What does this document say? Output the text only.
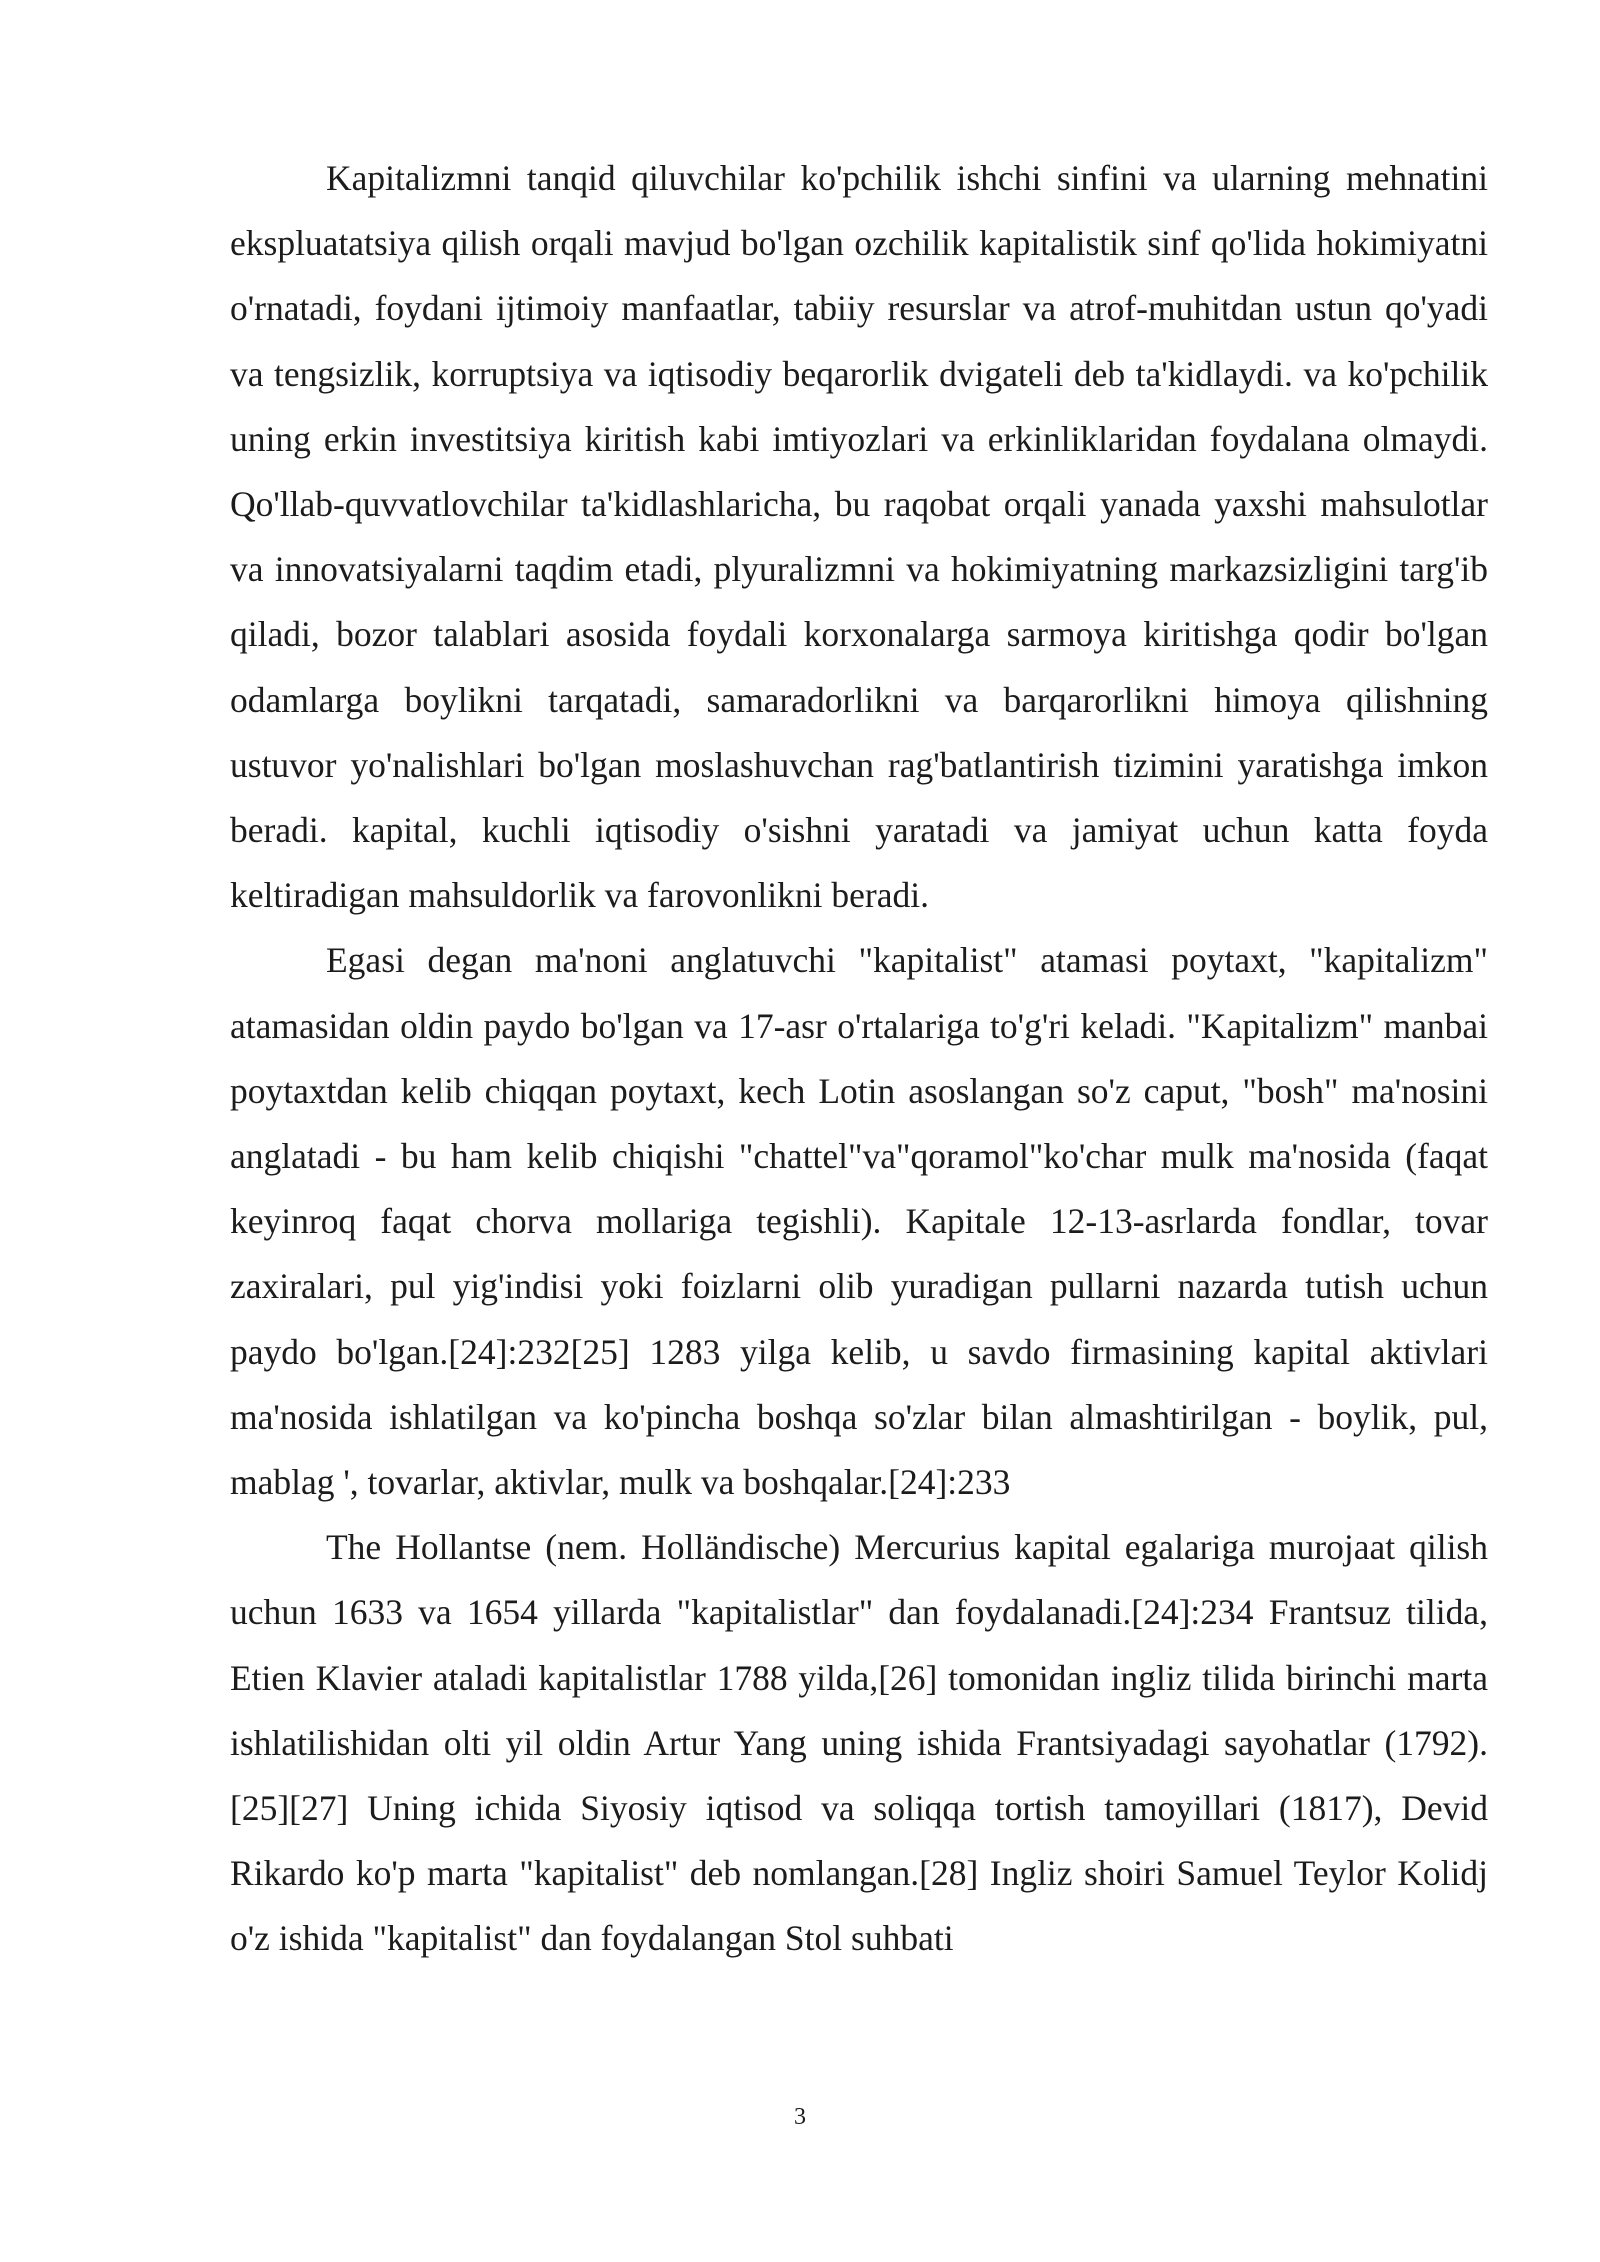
Kapitalizmni tanqid qiluvchilar ko'pchilik ishchi sinfini va ularning mehnatini ekspluatatsiya qilish orqali mavjud bo'lgan ozchilik kapitalistik sinf qo'lida hokimiyatni o'rnatadi, foydani ijtimoiy manfaatlar, tabiiy resurslar va atrof-muhitdan ustun qo'yadi va tengsizlik, korruptsiya va iqtisodiy beqarorlik dvigateli deb ta'kidlaydi. va ko'pchilik uning erkin investitsiya kiritish kabi imtiyozlari va erkinliklaridan foydalana olmaydi. Qo'llab-quvvatlovchilar ta'kidlashlaricha, bu raqobat orqali yanada yaxshi mahsulotlar va innovatsiyalarni taqdim etadi, plyuralizmni va hokimiyatning markazsizligini targ'ib qiladi, bozor talablari asosida foydali korxonalarga sarmoya kiritishga qodir bo'lgan odamlarga boylikni tarqatadi, samaradorlikni va barqarorlikni himoya qilishning ustuvor yo'nalishlari bo'lgan moslashuvchan rag'batlantirish tizimini yaratishga imkon beradi. kapital, kuchli iqtisodiy o'sishni yaratadi va jamiyat uchun katta foyda keltiradigan mahsuldorlik va farovonlikni beradi.

Egasi degan ma'noni anglatuvchi "kapitalist" atamasi poytaxt, "kapitalizm" atamasidan oldin paydo bo'lgan va 17-asr o'rtalariga to'g'ri keladi. "Kapitalizm" manbai poytaxtdan kelib chiqqan poytaxt, kech Lotin asoslangan so'z caput, "bosh" ma'nosini anglatadi - bu ham kelib chiqishi "chattel"va"qoramol"ko'char mulk ma'nosida (faqat keyinroq faqat chorva mollariga tegishli). Kapitale 12-13-asrlarda fondlar, tovar zaxiralari, pul yig'indisi yoki foizlarni olib yuradigan pullarni nazarda tutish uchun paydo bo'lgan.[24]:232[25] 1283 yilga kelib, u savdo firmasining kapital aktivlari ma'nosida ishlatilgan va ko'pincha boshqa so'zlar bilan almashtirilgan - boylik, pul, mablag ', tovarlar, aktivlar, mulk va boshqalar.[24]:233

The Hollantse (nem. Holländische) Mercurius kapital egalariga murojaat qilish uchun 1633 va 1654 yillarda "kapitalistlar" dan foydalanadi.[24]:234 Frantsuz tilida, Etien Klavier ataladi kapitalistlar 1788 yilda,[26] tomonidan ingliz tilida birinchi marta ishlatilishidan olti yil oldin Artur Yang uning ishida Frantsiyadagi sayohatlar (1792).[25][27] Uning ichida Siyosiy iqtisod va soliqqa tortish tamoyillari (1817), Devid Rikardo ko'p marta "kapitalist" deb nomlangan.[28] Ingliz shoiri Samuel Teylor Kolidj o'z ishida "kapitalist" dan foydalangan Stol suhbati

3
